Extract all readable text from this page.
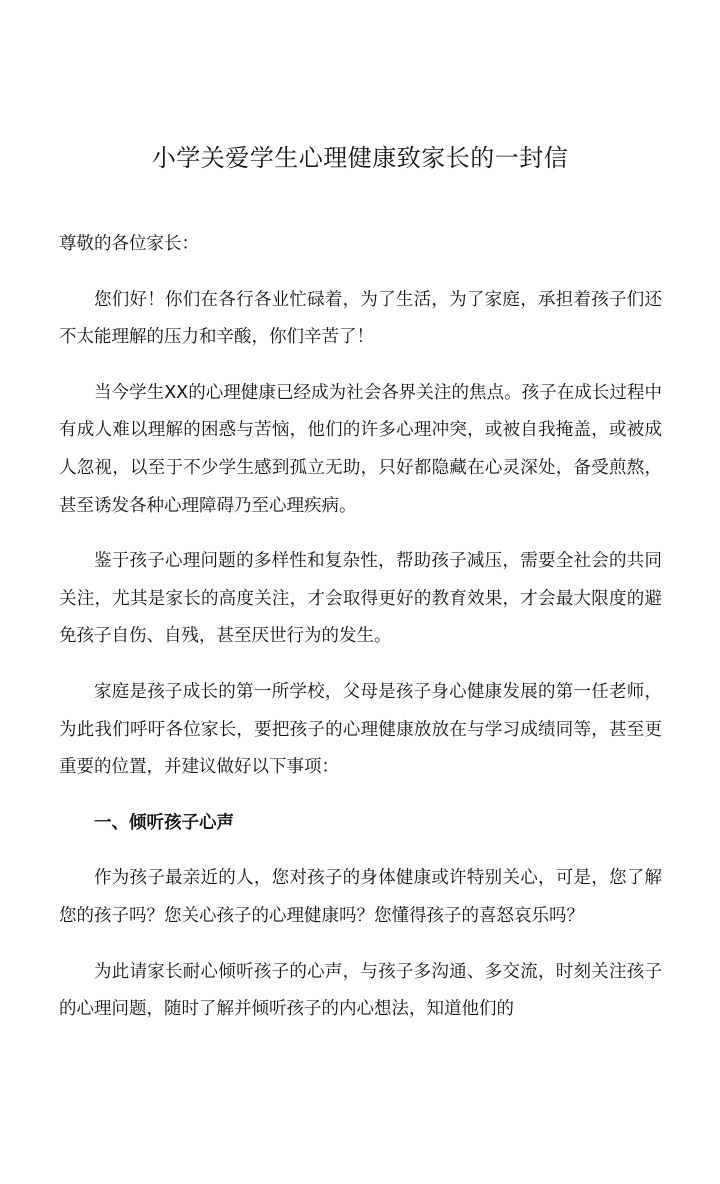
小学关爱学生心理健康致家长的一封信

尊敬的各位家长：

您们好！你们在各行各业忙碌着，为了生活，为了家庭，承担着孩子们还不太能理解的压力和辛酸，你们辛苦了！

当今学生XX的心理健康已经成为社会各界关注的焦点。孩子在成长过程中有成人难以理解的困惑与苦恼，他们的许多心理冲突，或被自我掩盖，或被成人忽视，以至于不少学生感到孤立无助，只好都隐藏在心灵深处，备受煎熬，甚至诱发各种心理障碍乃至心理疾病。

鉴于孩子心理问题的多样性和复杂性，帮助孩子减压，需要全社会的共同关注，尤其是家长的高度关注，才会取得更好的教育效果，才会最大限度的避免孩子自伤、自残，甚至厌世行为的发生。

家庭是孩子成长的第一所学校，父母是孩子身心健康发展的第一任老师，为此我们呼吁各位家长，要把孩子的心理健康放放在与学习成绩同等，甚至更重要的位置，并建议做好以下事项：

一、倾听孩子心声

作为孩子最亲近的人，您对孩子的身体健康或许特别关心，可是，您了解您的孩子吗？您关心孩子的心理健康吗？您懂得孩子的喜怒哀乐吗？

为此请家长耐心倾听孩子的心声，与孩子多沟通、多交流，时刻关注孩子的心理问题，随时了解并倾听孩子的内心想法，知道他们的
